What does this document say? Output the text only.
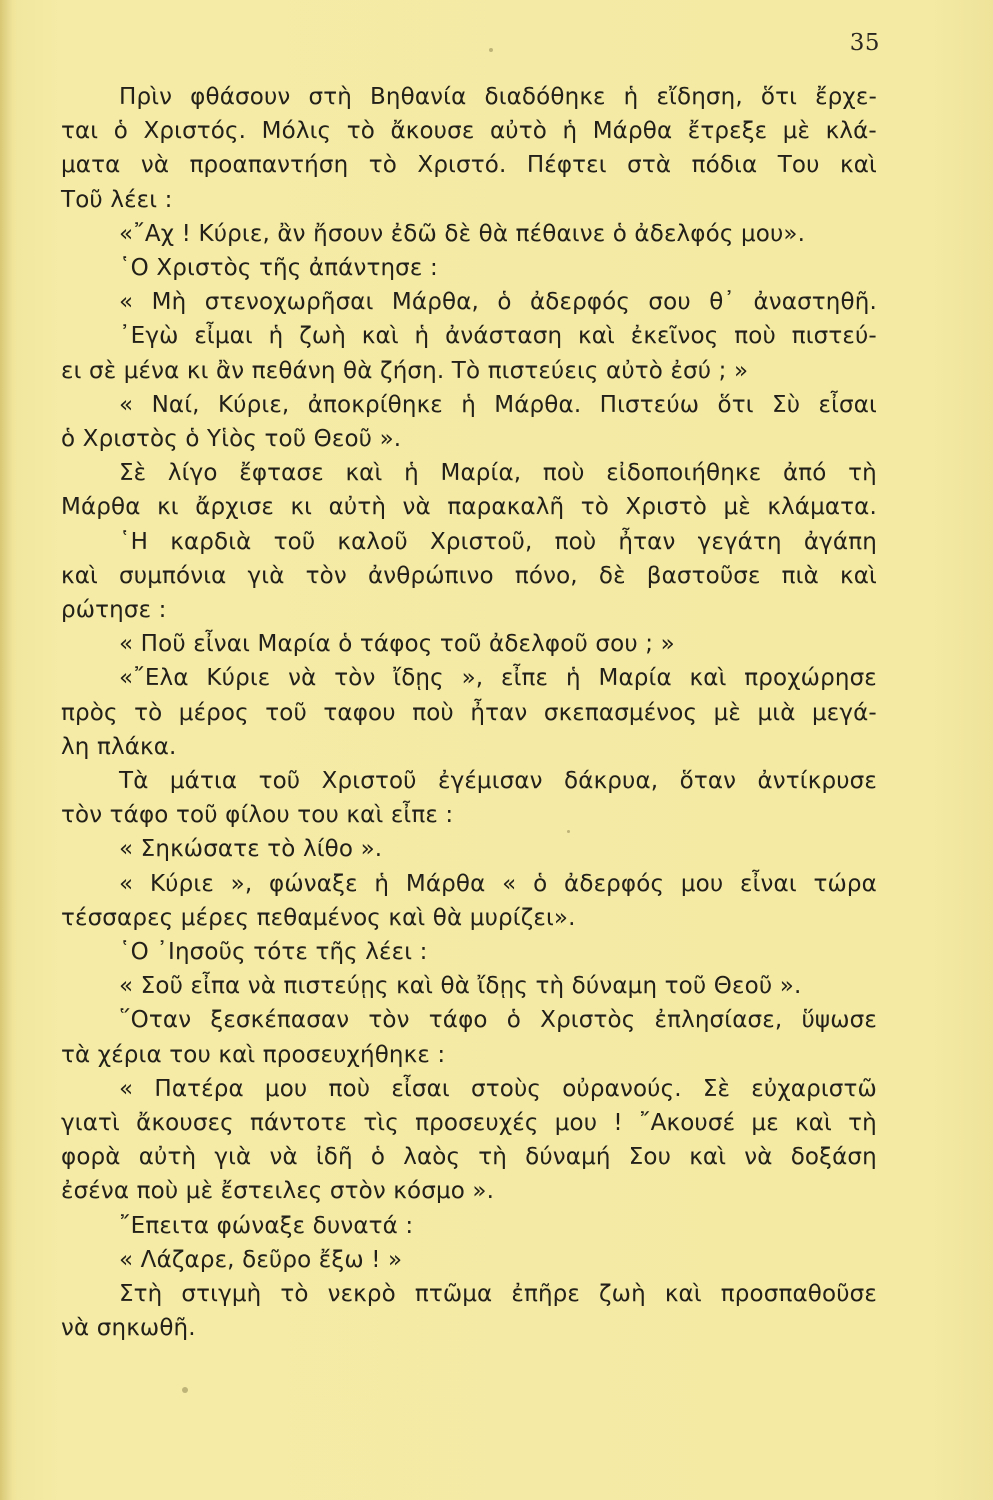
35
Πρὶν φθάσουν στὴ Βηθανία διαδόθηκε ἡ εἴδηση, ὅτι ἔρχε-
ται ὁ Χριστός. Μόλις τὸ ἄκουσε αὐτὸ ἡ Μάρθα ἔτρεξε μὲ κλά-
ματα νὰ προαπαντήση τὸ Χριστό. Πέφτει στὰ πόδια Του καὶ
Τοῦ λέει :
«῎Αχ ! Κύριε, ἂν ἤσουν ἐδῶ δὲ θὰ πέθαινε ὁ ἀδελφός μου».
῾Ο Χριστὸς τῆς ἀπάντησε :
« Μὴ στενοχωρῆσαι Μάρθα, ὁ ἀδερφός σου θ᾿ ἀναστηθῆ.
᾿Εγὼ εἶμαι ἡ ζωὴ καὶ ἡ ἀνάσταση καὶ ἐκεῖνος ποὺ πιστεύ-
ει σὲ μένα κι ἂν πεθάνη θὰ ζήση. Τὸ πιστεύεις αὐτὸ ἐσύ ; »
« Ναί, Κύριε, ἀποκρίθηκε ἡ Μάρθα. Πιστεύω ὅτι Σὺ εἶσαι
ὁ Χριστὸς ὁ Υἱὸς τοῦ Θεοῦ ».
Σὲ λίγο ἔφτασε καὶ ἡ Μαρία, ποὺ εἰδοποιήθηκε ἀπό τὴ
Μάρθα κι ἄρχισε κι αὐτὴ νὰ παρακαλῆ τὸ Χριστὸ μὲ κλάματα.
῾Η καρδιὰ τοῦ καλοῦ Χριστοῦ, ποὺ ἦταν γεγάτη ἀγάπη
καὶ συμπόνια γιὰ τὸν ἀνθρώπινο πόνο, δὲ βαστοῦσε πιὰ καὶ
ρώτησε :
« Ποῦ εἶναι Μαρία ὁ τάφος τοῦ ἀδελφοῦ σου ; »
«῎Ελα Κύριε νὰ τὸν ἴδῃς », εἶπε ἡ Μαρία καὶ προχώρησε
πρὸς τὸ μέρος τοῦ ταφου ποὺ ἦταν σκεπασμένος μὲ μιὰ μεγά-
λη πλάκα.
Τὰ μάτια τοῦ Χριστοῦ ἐγέμισαν δάκρυα, ὅταν ἀντίκρυσε
τὸν τάφο τοῦ φίλου του καὶ εἶπε :
« Σηκώσατε τὸ λίθο ».
« Κύριε », φώναξε ἡ Μάρθα « ὁ ἀδερφός μου εἶναι τώρα
τέσσαρες μέρες πεθαμένος καὶ θὰ μυρίζει».
῾Ο ᾿Ιησοῦς τότε τῆς λέει :
« Σοῦ εἶπα νὰ πιστεύῃς καὶ θὰ ἴδῃς τὴ δύναμη τοῦ Θεοῦ ».
῞Οταν ξεσκέπασαν τὸν τάφο ὁ Χριστὸς ἐπλησίασε, ὕψωσε
τὰ χέρια του καὶ προσευχήθηκε :
« Πατέρα μου ποὺ εἶσαι στοὺς οὐρανούς. Σὲ εὐχαριστῶ
γιατὶ ἄκουσες πάντοτε τὶς προσευχές μου ! ῎Ακουσέ με καὶ τὴ
φορὰ αὐτὴ γιὰ νὰ ἰδῆ ὁ λαὸς τὴ δύναμή Σου καὶ νὰ δοξάση
ἐσένα ποὺ μὲ ἔστειλες στὸν κόσμο ».
῎Επειτα φώναξε δυνατά :
« Λάζαρε, δεῦρο ἔξω ! »
Στὴ στιγμὴ τὸ νεκρὸ πτῶμα ἐπῆρε ζωὴ καὶ προσπαθοῦσε
νὰ σηκωθῆ.
